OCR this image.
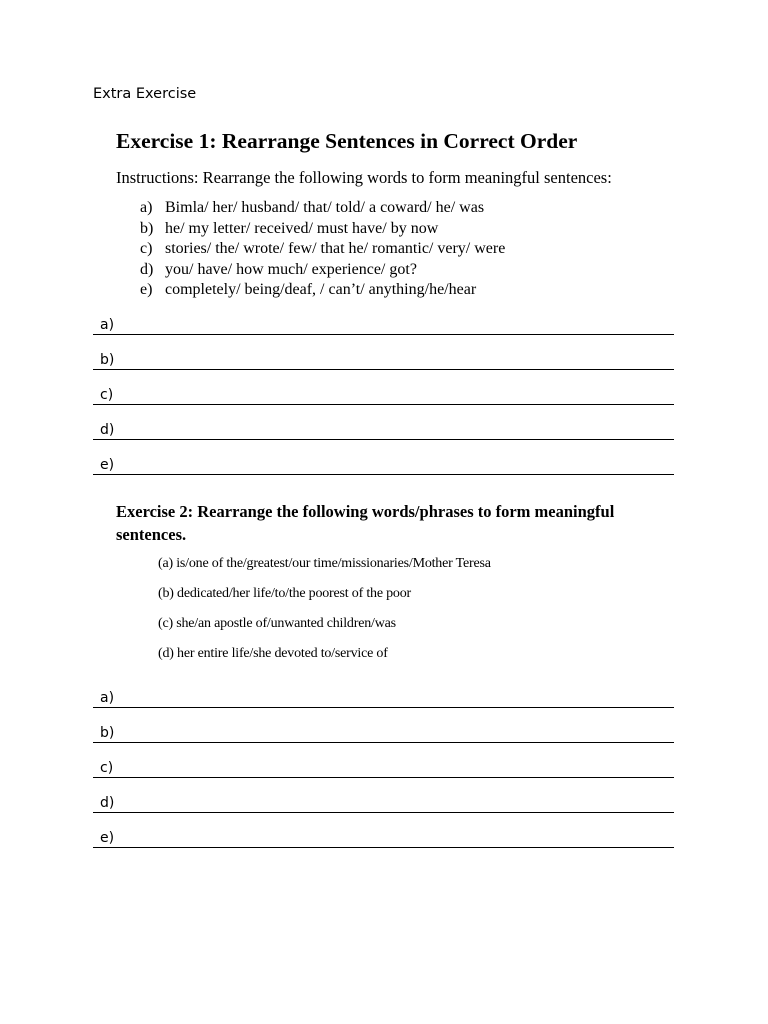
Extra Exercise
Exercise 1: Rearrange Sentences in Correct Order
Instructions: Rearrange the following words to form meaningful sentences:
a) Bimla/ her/ husband/ that/ told/ a coward/ he/ was
b) he/ my letter/ received/ must have/ by now
c) stories/ the/ wrote/ few/ that he/ romantic/ very/ were
d) you/ have/ how much/ experience/ got?
e) completely/ being/deaf, / can’t/ anything/he/hear
a)
b)
c)
d)
e)
Exercise 2: Rearrange the following words/phrases to form meaningful sentences.
(a) is/one of the/greatest/our time/missionaries/Mother Teresa
(b) dedicated/her life/to/the poorest of the poor
(c) she/an apostle of/unwanted children/was
(d) her entire life/she devoted to/service of
a)
b)
c)
d)
e)
